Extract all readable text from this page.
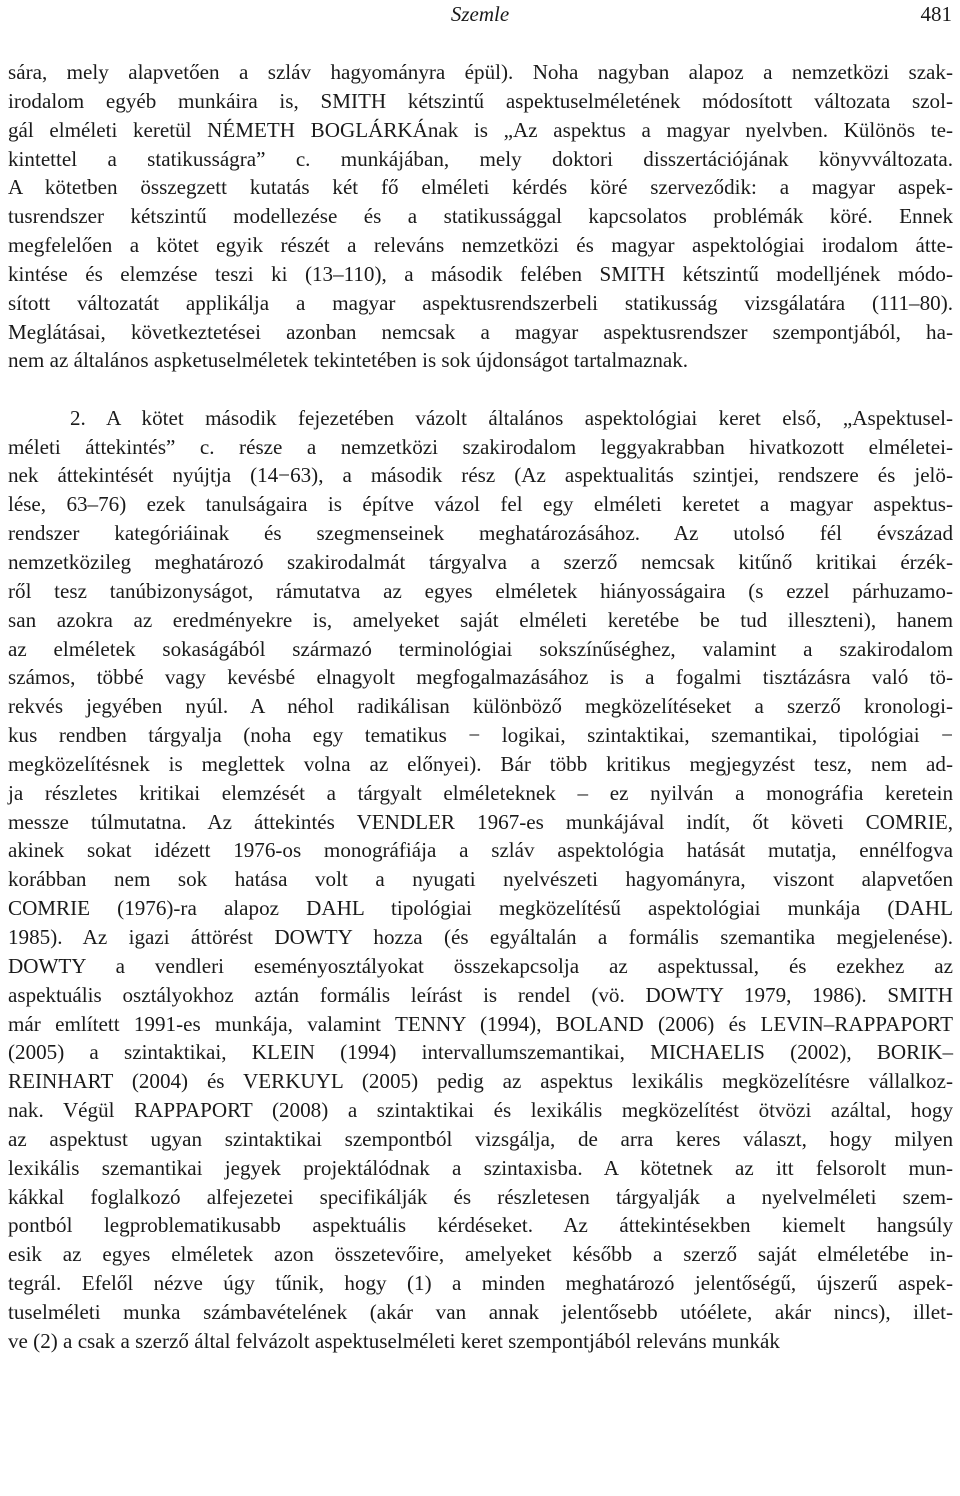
Szemle	481
sára, mely alapvetően a szláv hagyományra épül). Noha nagyban alapoz a nemzetközi szak-
irodalom egyéb munkáira is, SMITH kétszintű aspektuselméletének módosított változata szol-
gál elméleti keretül NÉMETH BOGLÁRKÁnak is „Az aspektus a magyar nyelvben. Különös te-
kintettel a statikusságra” c. munkájában, mely doktori disszertációjának könyvváltozata.
A kötetben összegzett kutatás két fő elméleti kérdés köré szerveződik: a magyar aspek-
tusrendszer kétszintű modellezése és a statikussággal kapcsolatos problémák köré. Ennek
megfelelően a kötet egyik részét a releváns nemzetközi és magyar aspektológiai irodalom átte-
kintése és elemzése teszi ki (13–110), a második felében SMITH kétszintű modelljének módo-
sított változatát applikálja a magyar aspektusrendszerbeli statikusság vizsgálatára (111–80).
Meglátásai, következtetései azonban nemcsak a magyar aspektusrendszer szempontjából, ha-
nem az általános aspketuselméletek tekintetében is sok újdonságot tartalmaznak.
2. A kötet második fejezetében vázolt általános aspektológiai keret első, „Aspektusel-
méleti áttekintés” c. része a nemzetközi szakirodalom leggyakrabban hivatkozott elméletei-
nek áttekintését nyújtja (14−63), a második rész (Az aspektualitás szintjei, rendszere és jelö-
lése, 63–76) ezek tanulságaira is építve vázol fel egy elméleti keretet a magyar aspektus-
rendszer kategóriáinak és szegmenseinek meghatározásához. Az utolsó fél évszázad
nemzetközileg meghatározó szakirodalmát tárgyalva a szerző nemcsak kitűnő kritikai érzék-
ről tesz tanúbizonyságot, rámutatva az egyes elméletek hiányosságaira (s ezzel párhuzamo-
san azokra az eredményekre is, amelyeket saját elméleti keretébe be tud illeszteni), hanem
az elméletek sokaságából származó terminológiai sokszínűséghez, valamint a szakirodalom
számos, többé vagy kevésbé elnagyolt megfogalmazásához is a fogalmi tisztázásra való tö-
rekvés jegyében nyúl. A néhol radikálisan különböző megközelítéseket a szerző kronologi-
kus rendben tárgyalja (noha egy tematikus − logikai, szintaktikai, szemantikai, tipológiai −
megközelítésnek is meglettek volna az előnyei). Bár több kritikus megjegyzést tesz, nem ad-
ja részletes kritikai elemzését a tárgyalt elméleteknek – ez nyilván a monográfia keretein
messze túlmutatna. Az áttekintés VENDLER 1967-es munkájával indít, őt követi COMRIE,
akinek sokat idézett 1976-os monográfiája a szláv aspektológia hatását mutatja, ennélfogva
korábban nem sok hatása volt a nyugati nyelvészeti hagyományra, viszont alapvetően
COMRIE (1976)-ra alapoz DAHL tipológiai megközelítésű aspektológiai munkája (DAHL
1985). Az igazi áttörést DOWTY hozza (és egyáltalán a formális szemantika megjelenése).
DOWTY a vendleri eseményosztályokat összekapcsolja az aspektussal, és ezekhez az
aspektuális osztályokhoz aztán formális leírást is rendel (vö. DOWTY 1979, 1986). SMITH
már említett 1991-es munkája, valamint TENNY (1994), BOLAND (2006) és LEVIN–RAPPAPORT
(2005) a szintaktikai, KLEIN (1994) intervallumszemantikai, MICHAELIS (2002), BORIK–
REINHART (2004) és VERKUYL (2005) pedig az aspektus lexikális megközelítésre vállalkoz-
nak. Végül RAPPAPORT (2008) a szintaktikai és lexikális megközelítést ötvözi azáltal, hogy
az aspektust ugyan szintaktikai szempontból vizsgálja, de arra keres választ, hogy milyen
lexikális szemantikai jegyek projektálódnak a szintaxisba. A kötetnek az itt felsorolt mun-
kákkal foglalkozó alfejezetei specifikálják és részletesen tárgyalják a nyelvelméleti szem-
pontból legproblematikusabb aspektuális kérdéseket. Az áttekintésekben kiemelt hangsúly
esik az egyes elméletek azon összetevőire, amelyeket később a szerző saját elméletébe in-
tegrál. Efelől nézve úgy tűnik, hogy (1) a minden meghatározó jelentőségű, újszerű aspek-
tuselméleti munka számbavételének (akár van annak jelentősebb utóélete, akár nincs), illet-
ve (2) a csak a szerző által felvázolt aspektuselméleti keret szempontjából releváns munkák
